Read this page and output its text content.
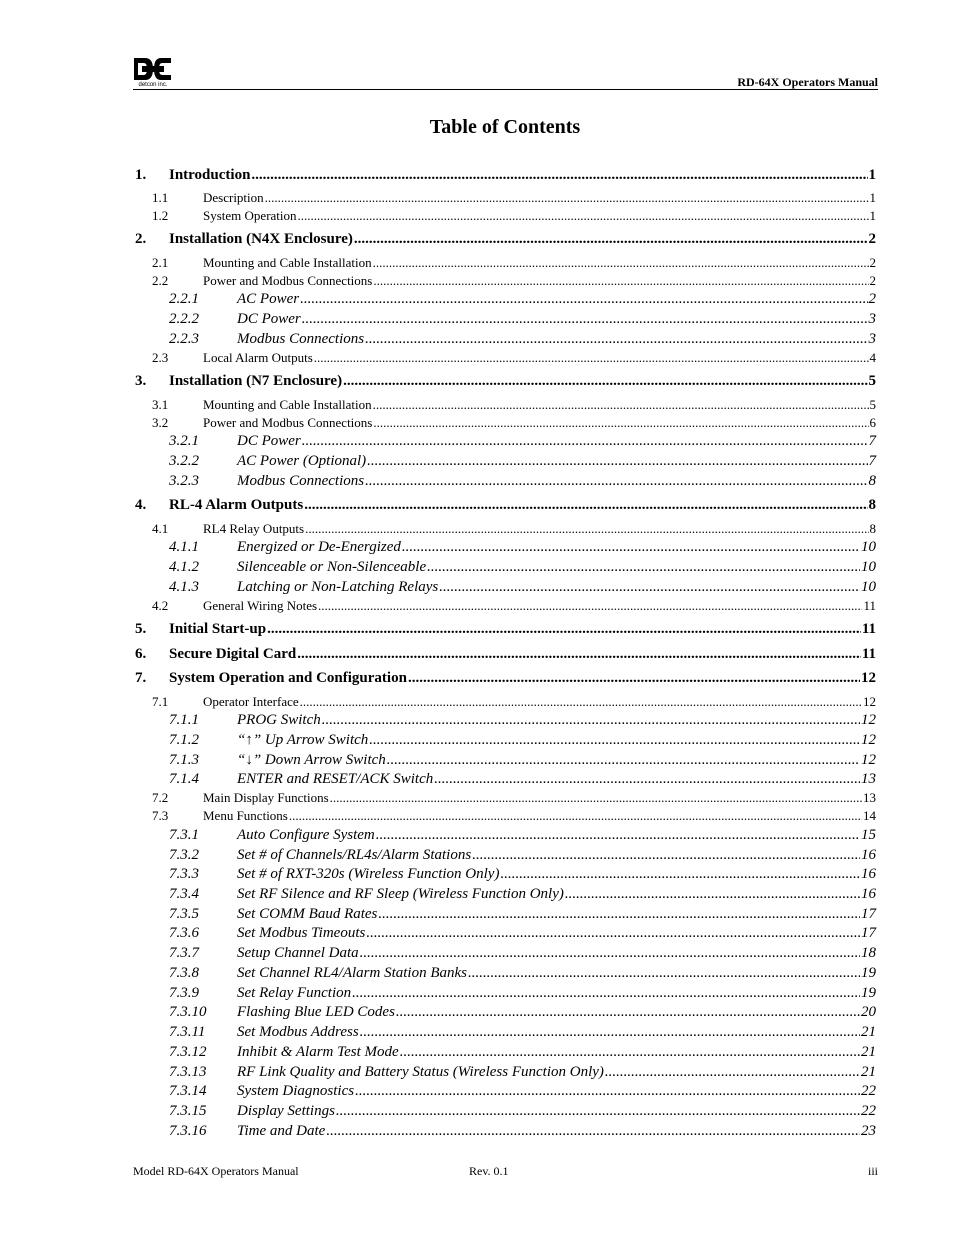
detcon inc.	RD-64X Operators Manual
Table of Contents
1.	Introduction .....	1
1.1	Description .....	1
1.2	System Operation .....	1
2.	Installation (N4X Enclosure) .....	2
2.1	Mounting and Cable Installation .....	2
2.2	Power and Modbus Connections .....	2
2.2.1	AC Power .....	2
2.2.2	DC Power .....	3
2.2.3	Modbus Connections .....	3
2.3	Local Alarm Outputs .....	4
3.	Installation (N7 Enclosure) .....	5
3.1	Mounting and Cable Installation .....	5
3.2	Power and Modbus Connections .....	6
3.2.1	DC Power .....	7
3.2.2	AC Power (Optional) .....	7
3.2.3	Modbus Connections .....	8
4.	RL-4 Alarm Outputs .....	8
4.1	RL4 Relay Outputs .....	8
4.1.1	Energized or De-Energized .....	10
4.1.2	Silenceable or Non-Silenceable .....	10
4.1.3	Latching or Non-Latching Relays .....	10
4.2	General Wiring Notes .....	11
5.	Initial Start-up .....	11
6.	Secure Digital Card .....	11
7.	System Operation and Configuration .....	12
7.1	Operator Interface .....	12
7.1.1	PROG Switch .....	12
7.1.2	“↑” Up Arrow Switch .....	12
7.1.3	“↓” Down Arrow Switch .....	12
7.1.4	ENTER and RESET/ACK Switch .....	13
7.2	Main Display Functions .....	13
7.3	Menu Functions .....	14
7.3.1	Auto Configure System .....	15
7.3.2	Set # of Channels/RL4s/Alarm Stations .....	16
7.3.3	Set # of RXT-320s (Wireless Function Only) .....	16
7.3.4	Set RF Silence and RF Sleep (Wireless Function Only) .....	16
7.3.5	Set COMM Baud Rates .....	17
7.3.6	Set Modbus Timeouts .....	17
7.3.7	Setup Channel Data .....	18
7.3.8	Set Channel RL4/Alarm Station Banks .....	19
7.3.9	Set Relay Function .....	19
7.3.10	Flashing Blue LED Codes .....	20
7.3.11	Set Modbus Address .....	21
7.3.12	Inhibit & Alarm Test Mode .....	21
7.3.13	RF Link Quality and Battery Status (Wireless Function Only) .....	21
7.3.14	System Diagnostics .....	22
7.3.15	Display Settings .....	22
7.3.16	Time and Date .....	23
Model RD-64X Operators Manual	Rev. 0.1	iii
